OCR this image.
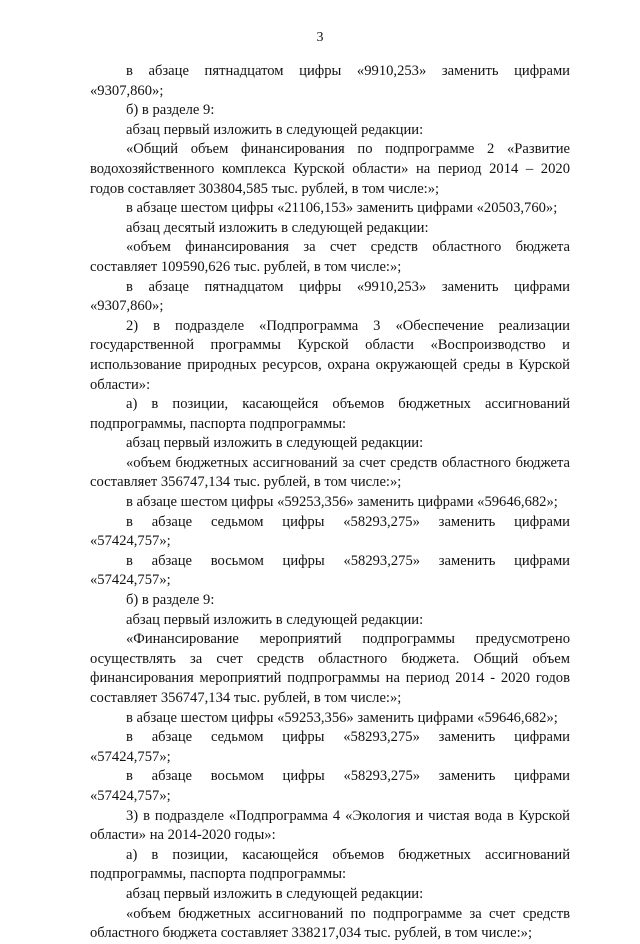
3

в абзаце пятнадцатом цифры «9910,253» заменить цифрами

«9307,860»;

б) в разделе 9:

абзац первый изложить в следующей редакции:

«Общий объем финансирования по подпрограмме 2 «Развитие водохозяйственного комплекса Курской области» на период 2014 – 2020 годов составляет 303804,585 тыс. рублей, в том числе:»;

в абзаце шестом цифры «21106,153» заменить цифрами «20503,760»;

абзац десятый изложить в следующей редакции:

«объем финансирования за счет средств областного бюджета составляет 109590,626 тыс. рублей, в том числе:»;

в абзаце пятнадцатом цифры «9910,253» заменить цифрами

«9307,860»;

2) в подразделе «Подпрограмма 3 «Обеспечение реализации государственной программы Курской области «Воспроизводство и использование природных ресурсов, охрана окружающей среды в Курской области»:

а) в позиции, касающейся объемов бюджетных ассигнований подпрограммы, паспорта подпрограммы:

абзац первый изложить в следующей редакции:

«объем бюджетных ассигнований за счет средств областного бюджета составляет 356747,134 тыс. рублей, в том числе:»;

в абзаце шестом цифры «59253,356» заменить цифрами «59646,682»;

в абзаце седьмом цифры «58293,275» заменить цифрами

«57424,757»;

в абзаце восьмом цифры «58293,275» заменить цифрами

«57424,757»;

б) в разделе 9:

абзац первый изложить в следующей редакции:

«Финансирование мероприятий подпрограммы предусмотрено осуществлять за счет средств областного бюджета. Общий объем финансирования мероприятий подпрограммы на период 2014 - 2020 годов составляет 356747,134 тыс. рублей, в том числе:»;

в абзаце шестом цифры «59253,356» заменить цифрами «59646,682»;

в абзаце седьмом цифры «58293,275» заменить цифрами

«57424,757»;

в абзаце восьмом цифры «58293,275» заменить цифрами

«57424,757»;

3) в подразделе «Подпрограмма 4 «Экология и чистая вода в Курской области» на 2014-2020 годы»:

а) в позиции, касающейся объемов бюджетных ассигнований подпрограммы, паспорта подпрограммы:

абзац первый изложить в следующей редакции:

«объем бюджетных ассигнований по подпрограмме за счет средств областного бюджета составляет 338217,034 тыс. рублей, в том числе:»;
